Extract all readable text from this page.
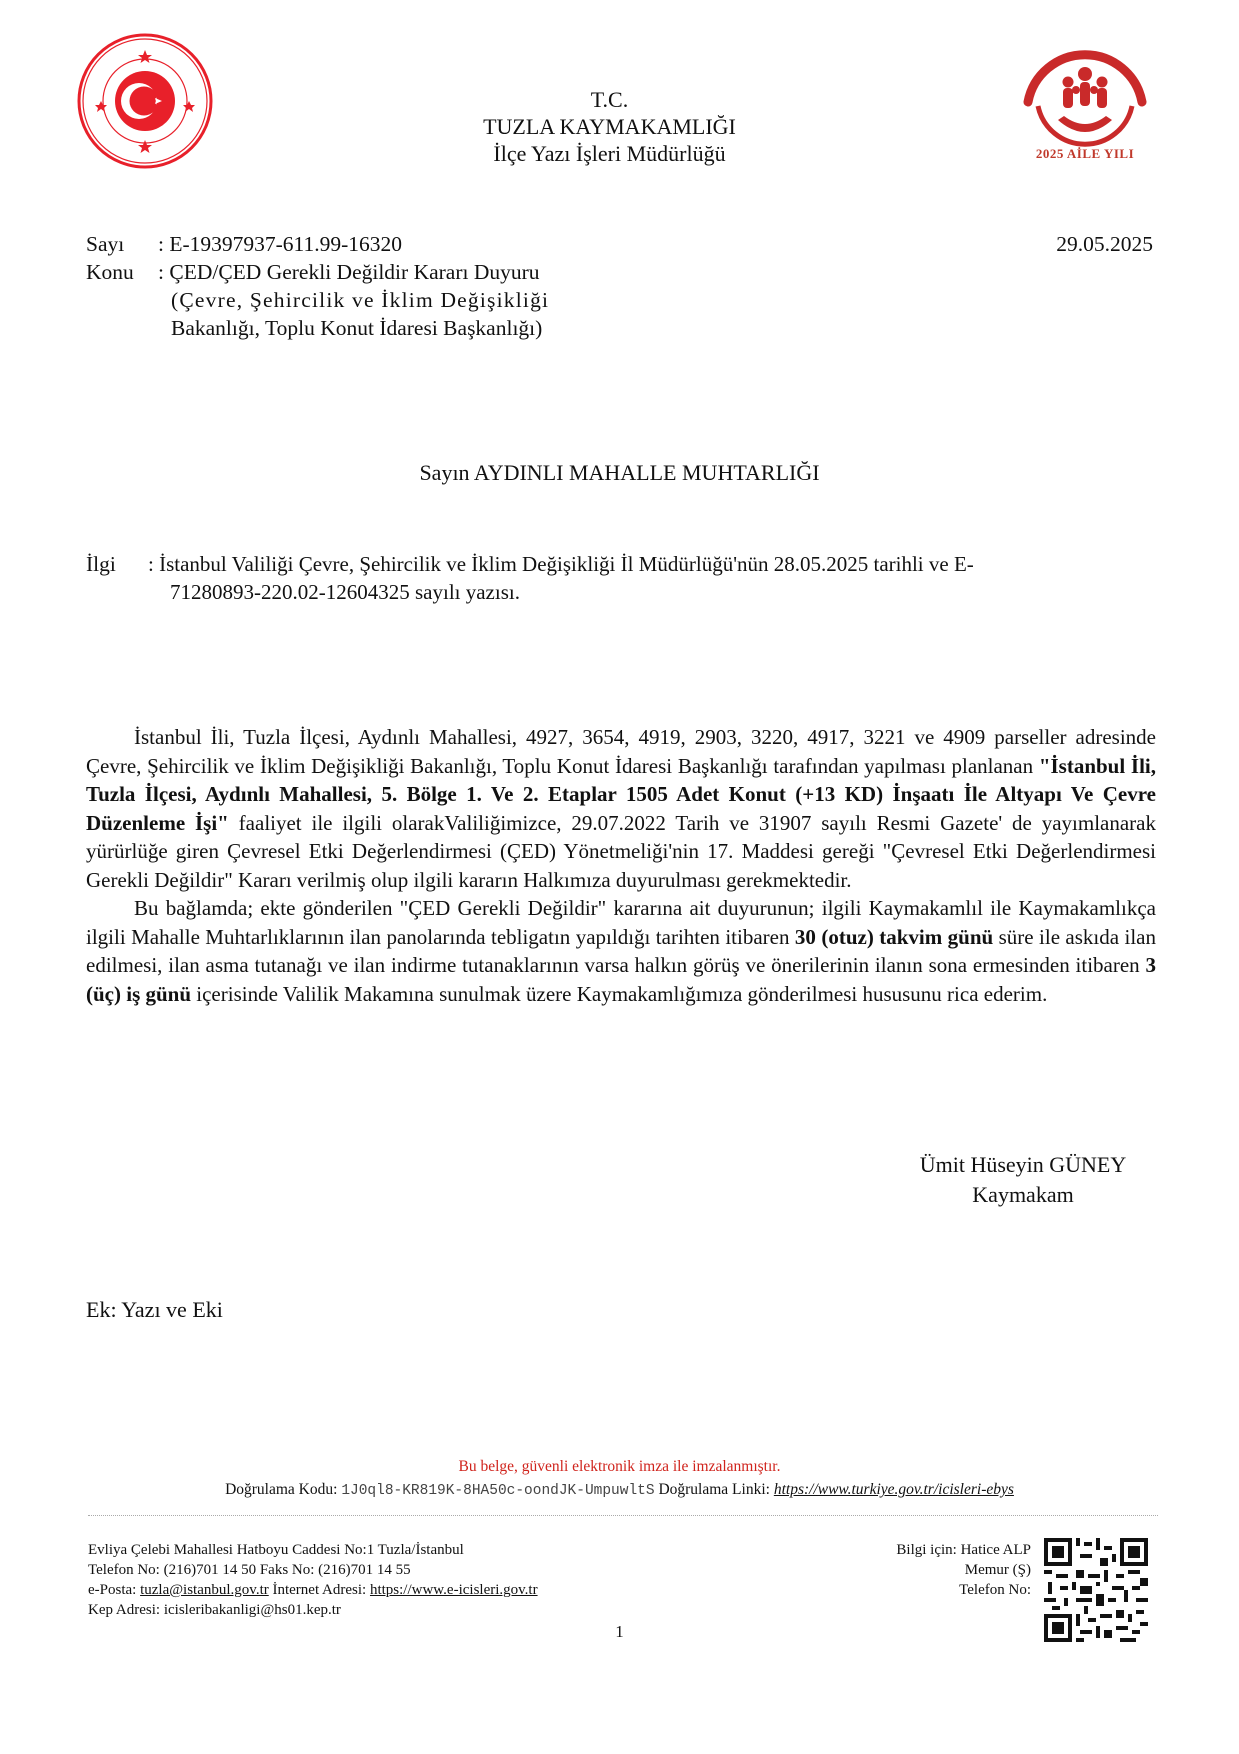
2025 AİLE YILI
T.C.
TUZLA KAYMAKAMLIĞI
İlçe Yazı İşleri Müdürlüğü
Sayı : E-19397937-611.99-16320	29.05.2025
Konu : ÇED/ÇED Gerekli Değildir Kararı Duyuru
(Çevre, Şehircilik ve İklim Değişikliği
Bakanlığı, Toplu Konut İdaresi Başkanlığı)
Sayın AYDINLI MAHALLE MUHTARLIĞI
İlgi : İstanbul Valiliği Çevre, Şehircilik ve İklim Değişikliği İl Müdürlüğü'nün 28.05.2025 tarihli ve E-
71280893-220.02-12604325 sayılı yazısı.

İstanbul İli, Tuzla İlçesi, Aydınlı Mahallesi, 4927, 3654, 4919, 2903, 3220, 4917, 3221 ve 4909 parseller adresinde Çevre, Şehircilik ve İklim Değişikliği Bakanlığı, Toplu Konut İdaresi Başkanlığı tarafından yapılması planlanan "İstanbul İli, Tuzla İlçesi, Aydınlı Mahallesi, 5. Bölge 1. Ve 2. Etaplar 1505 Adet Konut (+13 KD) İnşaatı İle Altyapı Ve Çevre Düzenleme İşi" faaliyet ile ilgili olarakValiliğimizce, 29.07.2022 Tarih ve 31907 sayılı Resmi Gazete' de yayımlanarak yürürlüğe giren Çevresel Etki Değerlendirmesi (ÇED) Yönetmeliği'nin 17. Maddesi gereği "Çevresel Etki Değerlendirmesi Gerekli Değildir" Kararı verilmiş olup ilgili kararın Halkımıza duyurulması gerekmektedir.

Bu bağlamda; ekte gönderilen "ÇED Gerekli Değildir" kararına ait duyurunun; ilgili Kaymakamlıl ile Kaymakamlıkça ilgili Mahalle Muhtarlıklarının ilan panolarında tebligatın yapıldığı tarihten itibaren 30 (otuz) takvim günü süre ile askıda ilan edilmesi, ilan asma tutanağı ve ilan indirme tutanaklarının varsa halkın görüş ve önerilerinin ilanın sona ermesinden itibaren 3 (üç) iş günü içerisinde Valilik Makamına sunulmak üzere Kaymakamlığımıza gönderilmesi hususunu rica ederim.

Ümit Hüseyin GÜNEY
Kaymakam
Ek: Yazı ve Eki
Bu belge, güvenli elektronik imza ile imzalanmıştır.
Doğrulama Kodu: 1J0ql8-KR819K-8HA50c-oondJK-UmpuwltS Doğrulama Linki: https://www.turkiye.gov.tr/icisleri-ebys
Evliya Çelebi Mahallesi Hatboyu Caddesi No:1 Tuzla/İstanbul
Telefon No: (216)701 14 50 Faks No: (216)701 14 55
e-Posta: tuzla@istanbul.gov.tr İnternet Adresi: https://www.e-icisleri.gov.tr
Kep Adresi: icisleribakanligi@hs01.kep.tr
Bilgi için: Hatice ALP
Memur (Ş)
Telefon No:
1
